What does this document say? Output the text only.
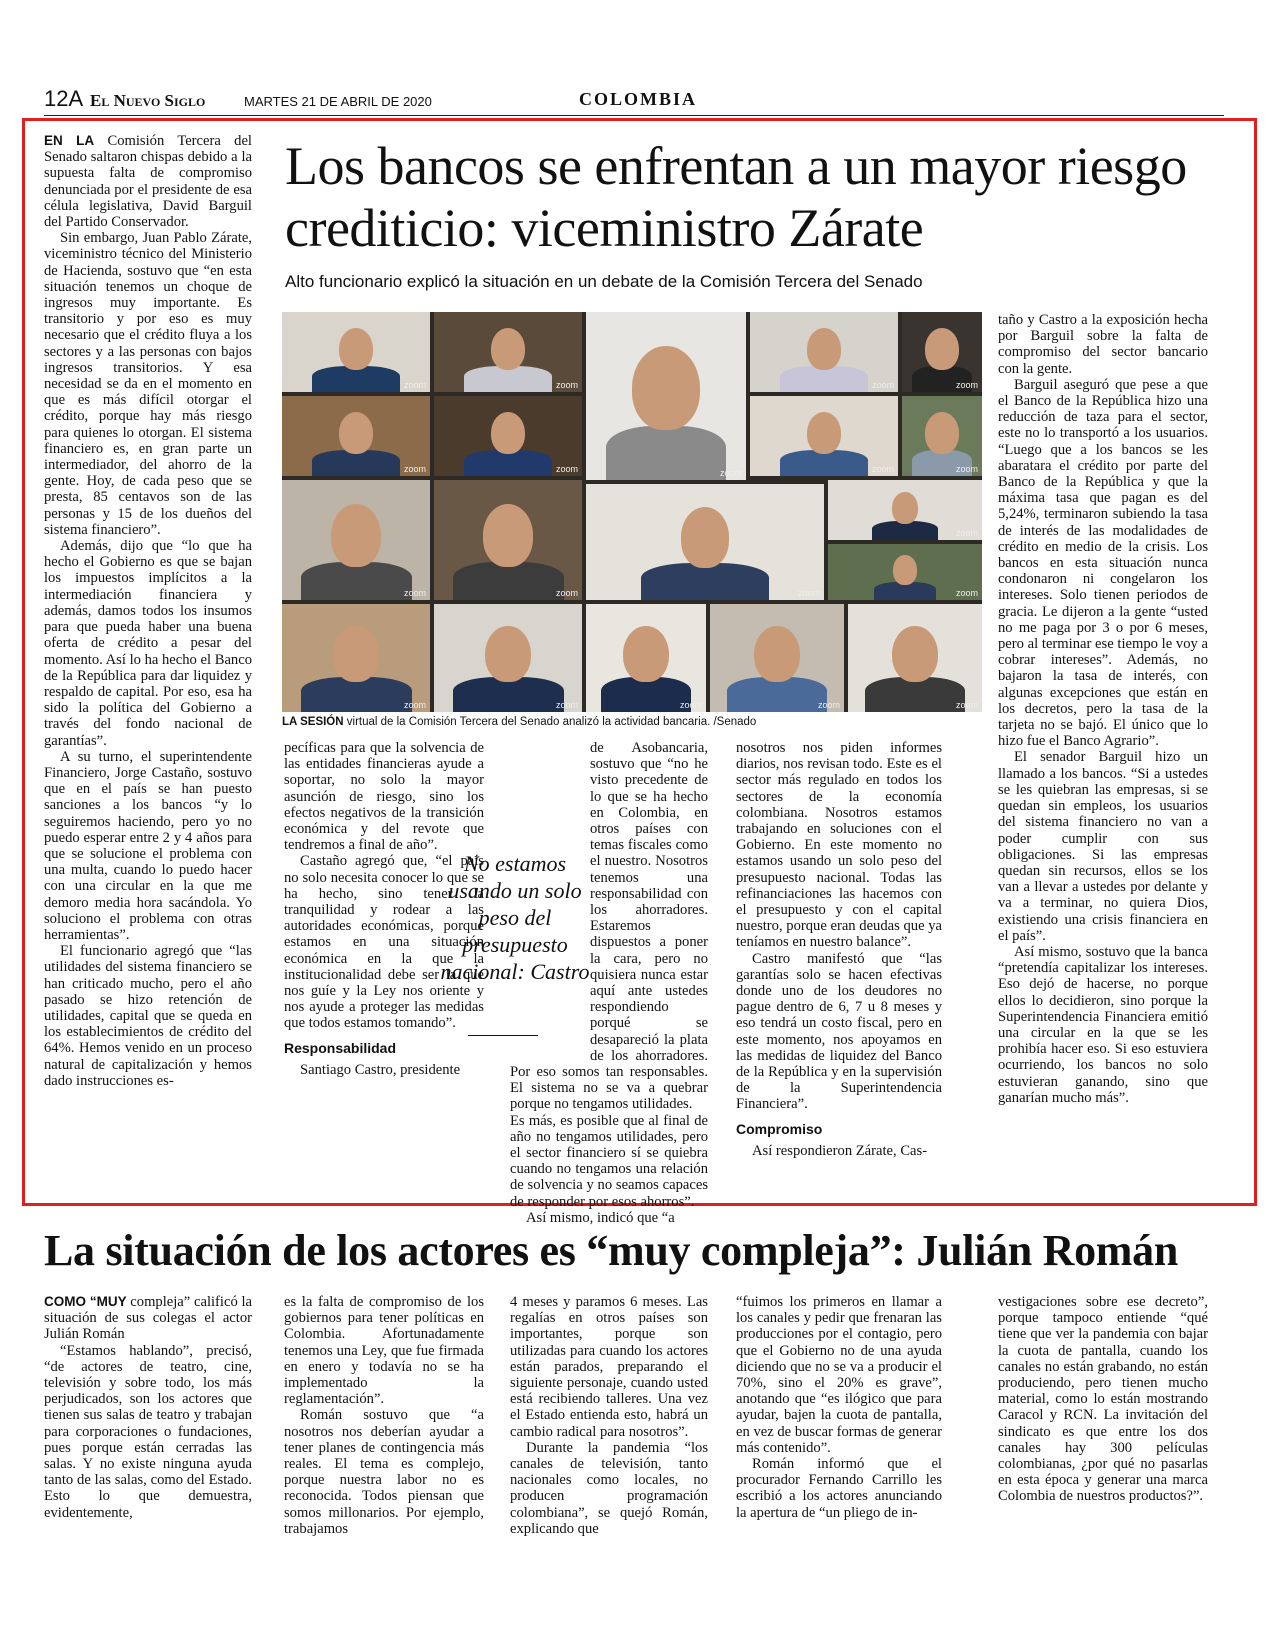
12A El Nuevo Siglo	MARTES 21 DE ABRIL DE 2020	COLOMBIA

EN LA Comisión Tercera del Senado saltaron chispas debido a la supuesta falta de compromiso denunciada por el presidente de esa célula legislativa, David Barguil del Partido Conservador.

Sin embargo, Juan Pablo Zárate, viceministro técnico del Ministerio de Hacienda, sostuvo que “en esta situación tenemos un choque de ingresos muy importante. Es transitorio y por eso es muy necesario que el crédito fluya a los sectores y a las personas con bajos ingresos transitorios. Y esa necesidad se da en el momento en que es más difícil otorgar el crédito, porque hay más riesgo para quienes lo otorgan. El sistema financiero es, en gran parte un intermediador, del ahorro de la gente. Hoy, de cada peso que se presta, 85 centavos son de las personas y 15 de los dueños del sistema financiero”.

Además, dijo que “lo que ha hecho el Gobierno es que se bajan los impuestos implícitos a la intermediación financiera y además, damos todos los insumos para que pueda haber una buena oferta de crédito a pesar del momento. Así lo ha hecho el Banco de la República para dar liquidez y respaldo de capital. Por eso, esa ha sido la política del Gobierno a través del fondo nacional de garantías”.

A su turno, el superintendente Financiero, Jorge Castaño, sostuvo que en el país se han puesto sanciones a los bancos “y lo seguiremos haciendo, pero yo no puedo esperar entre 2 y 4 años para que se solucione el problema con una multa, cuando lo puedo hacer con una circular en la que me demoro media hora sacándola. Yo soluciono el problema con otras herramientas”.

El funcionario agregó que “las utilidades del sistema financiero se han criticado mucho, pero el año pasado se hizo retención de utilidades, capital que se queda en los establecimientos de crédito del 64%. Hemos venido en un proceso natural de capitalización y hemos dado instrucciones es-

Los bancos se enfrentan a un mayor riesgo crediticio: viceministro Zárate
Alto funcionario explicó la situación en un debate de la Comisión Tercera del Senado
zoom	zoom
zoom
zoom	zoom
zoom	zoom	zoom	zoom
zoom	zoom	zoom
zoom
zoom
zoom	zoom	zoom	zoom	zoom
LA SESIÓN virtual de la Comisión Tercera del Senado analizó la actividad bancaria. /Senado

pecíficas para que la solvencia de las entidades financieras ayude a soportar, no solo la mayor asunción de riesgo, sino los efectos negativos de la transición económica y del revote que tendremos a final de año”.

Castaño agregó que, “el país no solo necesita conocer lo que se ha hecho, sino tener la tranquilidad y rodear a las autoridades económicas, porque estamos en una situación económica en la que la institucionalidad debe ser la que nos guíe y la Ley nos oriente y nos ayude a proteger las medidas que todos estamos tomando”.

Responsabilidad

Santiago Castro, presidente

No estamos usando un solo peso del presupuesto nacional: Castro

de Asobancaria, sostuvo que “no he visto precedente de lo que se ha hecho en Colombia, en otros países con temas fiscales como el nuestro. Nosotros tenemos una responsabilidad con los ahorradores. Estaremos dispuestos a poner la cara, pero no quisiera nunca estar aquí ante ustedes respondiendo porqué se desapareció la plata de los ahorradores. Por eso somos tan responsables. El sistema no se va a quebrar porque no tengamos utilidades.

Es más, es posible que al final de año no tengamos utilidades, pero el sector financiero sí se quiebra cuando no tengamos una relación de solvencia y no seamos capaces de responder por esos ahorros”.

Así mismo, indicó que “a

nosotros nos piden informes diarios, nos revisan todo. Este es el sector más regulado en todos los sectores de la economía colombiana. Nosotros estamos trabajando en soluciones con el Gobierno. En este momento no estamos usando un solo peso del presupuesto nacional. Todas las refinanciaciones las hacemos con el presupuesto y con el capital nuestro, porque eran deudas que ya teníamos en nuestro balance”.

Castro manifestó que “las garantías solo se hacen efectivas donde uno de los deudores no pague dentro de 6, 7 u 8 meses y eso tendrá un costo fiscal, pero en este momento, nos apoyamos en las medidas de liquidez del Banco de la República y en la supervisión de la Superintendencia Financiera”.

Compromiso

Así respondieron Zárate, Cas-

taño y Castro a la exposición hecha por Barguil sobre la falta de compromiso del sector bancario con la gente.

Barguil aseguró que pese a que el Banco de la República hizo una reducción de taza para el sector, este no lo transportó a los usuarios. “Luego que a los bancos se les abaratara el crédito por parte del Banco de la República y que la máxima tasa que pagan es del 5,24%, terminaron subiendo la tasa de interés de las modalidades de crédito en medio de la crisis. Los bancos en esta situación nunca condonaron ni congelaron los intereses. Solo tienen periodos de gracia. Le dijeron a la gente “usted no me paga por 3 o por 6 meses, pero al terminar ese tiempo le voy a cobrar intereses”. Además, no bajaron la tasa de interés, con algunas excepciones que están en los decretos, pero la tasa de la tarjeta no se bajó. El único que lo hizo fue el Banco Agrario”.

El senador Barguil hizo un llamado a los bancos. “Si a ustedes se les quiebran las empresas, si se quedan sin empleos, los usuarios del sistema financiero no van a poder cumplir con sus obligaciones. Si las empresas quedan sin recursos, ellos se los van a llevar a ustedes por delante y va a terminar, no quiera Dios, existiendo una crisis financiera en el país”.

Así mismo, sostuvo que la banca “pretendía capitalizar los intereses. Eso dejó de hacerse, no porque ellos lo decidieron, sino porque la Superintendencia Financiera emitió una circular en la que se les prohibía hacer eso. Si eso estuviera ocurriendo, los bancos no solo estuvieran ganando, sino que ganarían mucho más”.

La situación de los actores es “muy compleja”: Julián Román

COMO “MUY compleja” calificó la situación de sus colegas el actor Julián Román

“Estamos hablando”, precisó, “de actores de teatro, cine, televisión y sobre todo, los más perjudicados, son los actores que tienen sus salas de teatro y trabajan para corporaciones o fundaciones, pues porque están cerradas las salas. Y no existe ninguna ayuda tanto de las salas, como del Estado. Esto lo que demuestra, evidentemente,

es la falta de compromiso de los gobiernos para tener políticas en Colombia. Afortunadamente tenemos una Ley, que fue firmada en enero y todavía no se ha implementado la reglamentación”.

Román sostuvo que “a nosotros nos deberían ayudar a tener planes de contingencia más reales. El tema es complejo, porque nuestra labor no es reconocida. Todos piensan que somos millonarios. Por ejemplo, trabajamos

4 meses y paramos 6 meses. Las regalías en otros países son importantes, porque son utilizadas para cuando los actores están parados, preparando el siguiente personaje, cuando usted está recibiendo talleres. Una vez el Estado entienda esto, habrá un cambio radical para nosotros”.

Durante la pandemia “los canales de televisión, tanto nacionales como locales, no producen programación colombiana”, se quejó Román, explicando que

“fuimos los primeros en llamar a los canales y pedir que frenaran las producciones por el contagio, pero que el Gobierno no de una ayuda diciendo que no se va a producir el 70%, sino el 20% es grave”, anotando que “es ilógico que para ayudar, bajen la cuota de pantalla, en vez de buscar formas de generar más contenido”.

Román informó que el procurador Fernando Carrillo les escribió a los actores anunciando la apertura de “un pliego de in-

vestigaciones sobre ese decreto”, porque tampoco entiende “qué tiene que ver la pandemia con bajar la cuota de pantalla, cuando los canales no están grabando, no están produciendo, pero tienen mucho material, como lo están mostrando Caracol y RCN. La invitación del sindicato es que entre los dos canales hay 300 películas colombianas, ¿por qué no pasarlas en esta época y generar una marca Colombia de nuestros productos?”.
